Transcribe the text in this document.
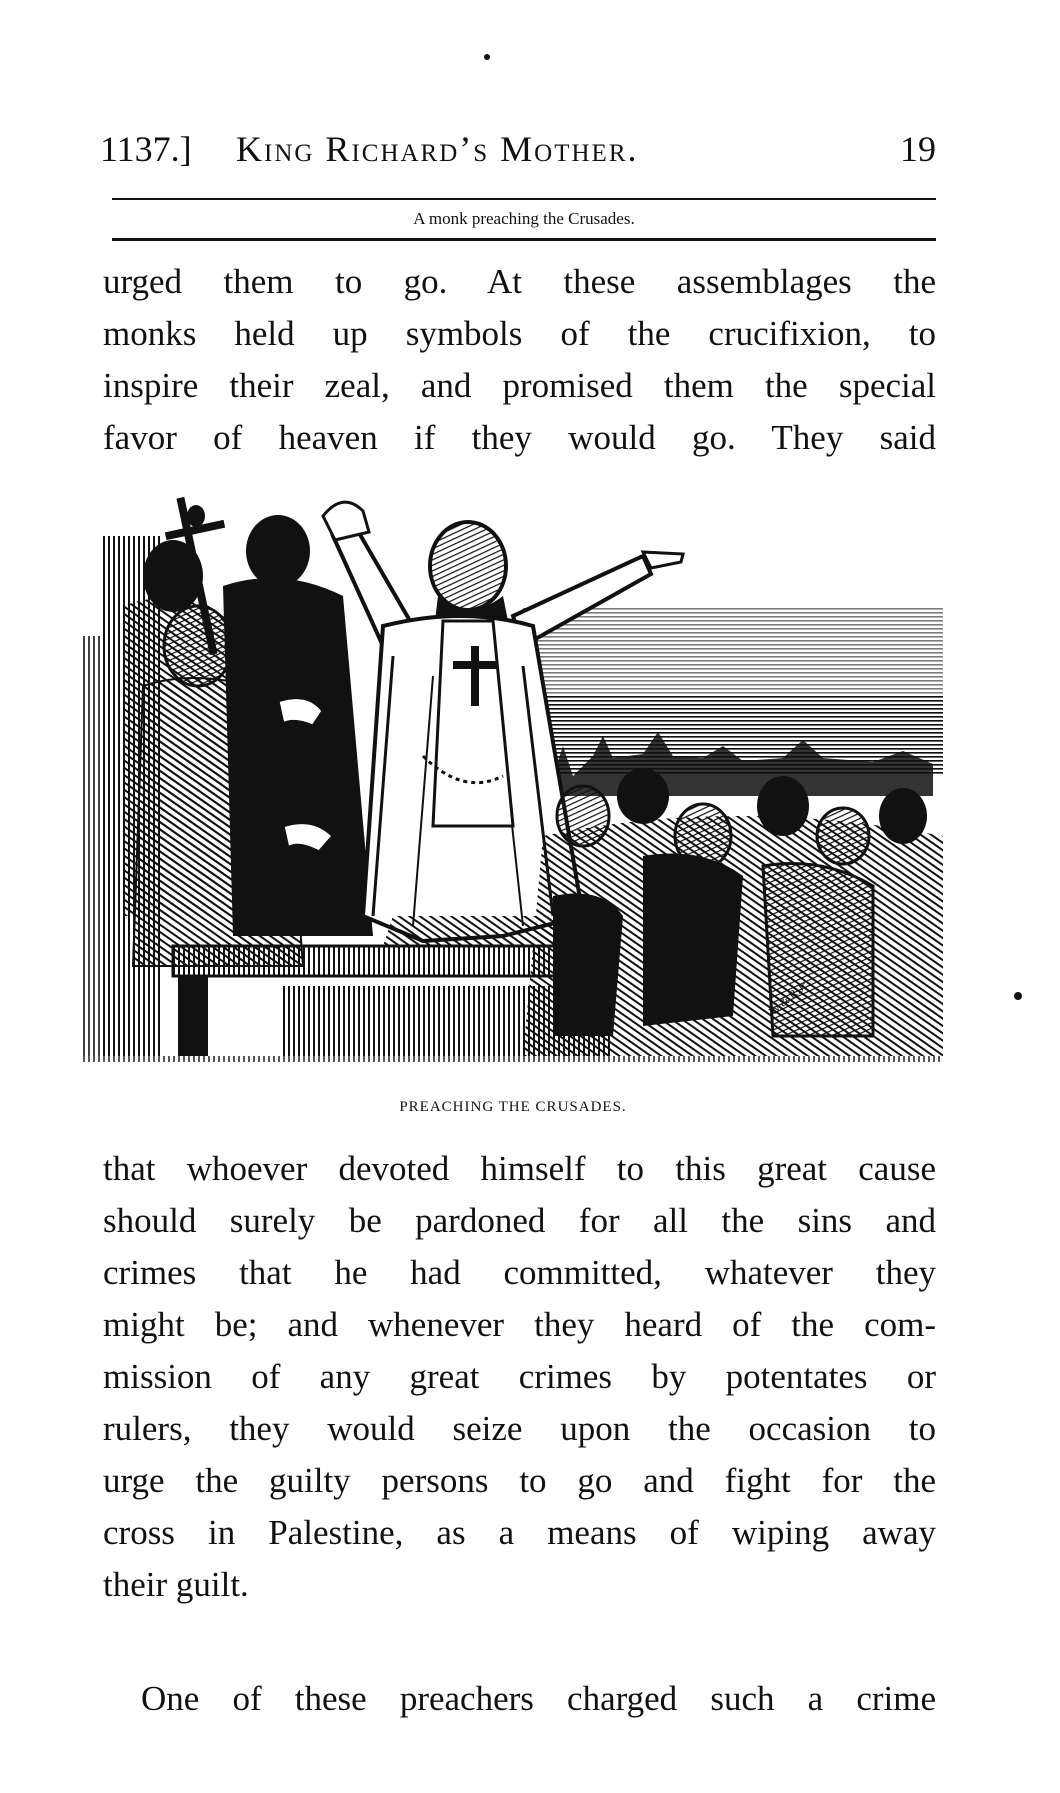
1137.] King Richard’s Mother.	19
A monk preaching the Crusades.
urged them to go. At these assemblages the
monks held up symbols of the crucifixion, to
inspire their zeal, and promised them the special
favor of heaven if they would go. They said
W.&.R.Jr.
PREACHING THE CRUSADES.
that whoever devoted himself to this great cause
should surely be pardoned for all the sins and
crimes that he had committed, whatever they
might be; and whenever they heard of the com-
mission of any great crimes by potentates or
rulers, they would seize upon the occasion to
urge the guilty persons to go and fight for the
cross in Palestine, as a means of wiping away
their guilt.
One of these preachers charged such a crime
